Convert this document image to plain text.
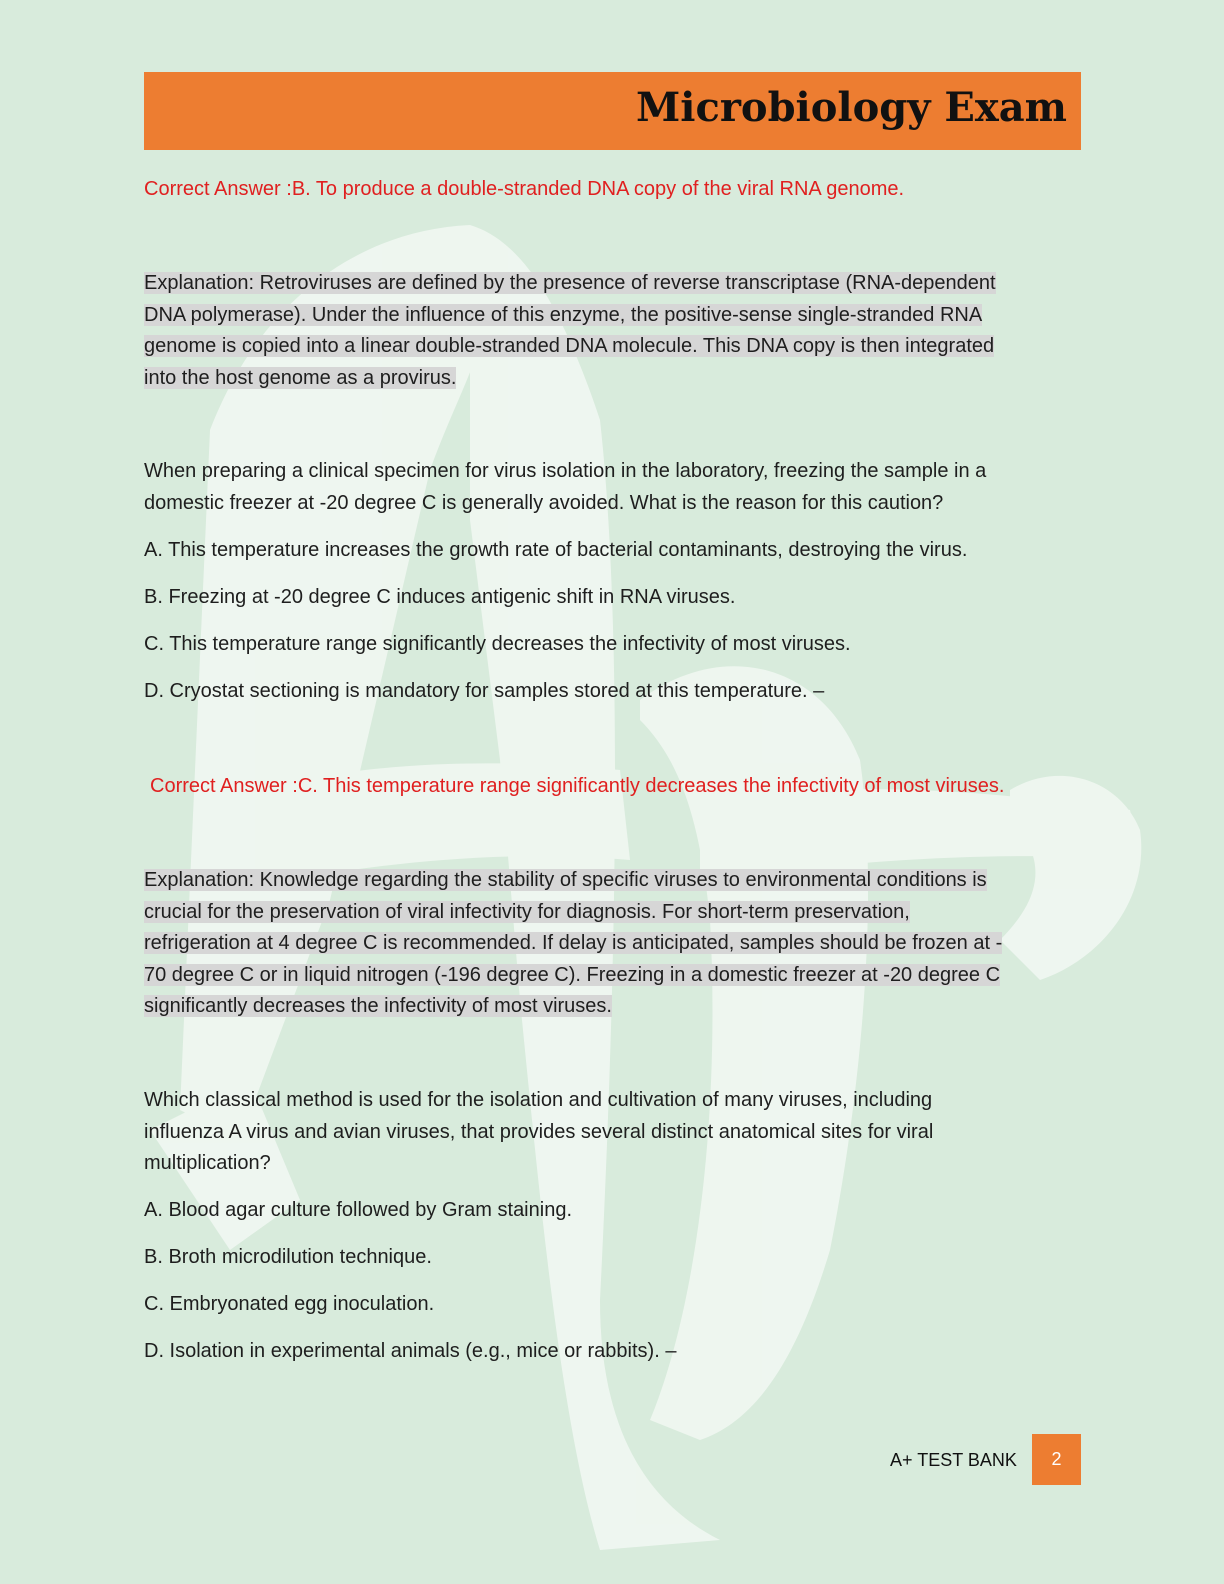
Microbiology Exam

Correct Answer :B. To produce a double-stranded DNA copy of the viral RNA genome.

Explanation: Retroviruses are defined by the presence of reverse transcriptase (RNA-dependent
DNA polymerase). Under the influence of this enzyme, the positive-sense single-stranded RNA
genome is copied into a linear double-stranded DNA molecule. This DNA copy is then integrated
into the host genome as a provirus.

When preparing a clinical specimen for virus isolation in the laboratory, freezing the sample in a
domestic freezer at -20 degree C is generally avoided. What is the reason for this caution?

A. This temperature increases the growth rate of bacterial contaminants, destroying the virus.

B. Freezing at -20 degree C induces antigenic shift in RNA viruses.

C. This temperature range significantly decreases the infectivity of most viruses.

D. Cryostat sectioning is mandatory for samples stored at this temperature. –

Correct Answer :C. This temperature range significantly decreases the infectivity of most viruses.

Explanation: Knowledge regarding the stability of specific viruses to environmental conditions is
crucial for the preservation of viral infectivity for diagnosis. For short-term preservation,
refrigeration at 4 degree C is recommended. If delay is anticipated, samples should be frozen at -
70 degree C or in liquid nitrogen (-196 degree C). Freezing in a domestic freezer at -20 degree C
significantly decreases the infectivity of most viruses.

Which classical method is used for the isolation and cultivation of many viruses, including
influenza A virus and avian viruses, that provides several distinct anatomical sites for viral
multiplication?

A. Blood agar culture followed by Gram staining.

B. Broth microdilution technique.

C. Embryonated egg inoculation.

D. Isolation in experimental animals (e.g., mice or rabbits). –

A+ TEST BANK	2
